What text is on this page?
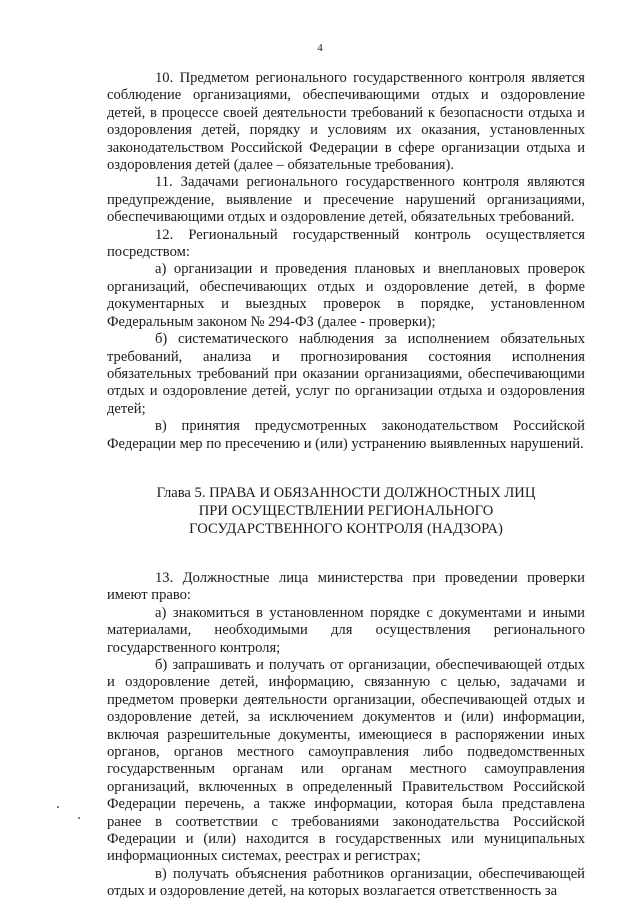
4

10. Предметом регионального государственного контроля является соблюдение организациями, обеспечивающими отдых и оздоровление детей, в процессе своей деятельности требований к безопасности отдыха и оздоровления детей, порядку и условиям их оказания, установленных законодательством Российской Федерации в сфере организации отдыха и оздоровления детей (далее – обязательные требования).

11. Задачами регионального государственного контроля являются предупреждение, выявление и пресечение нарушений организациями, обеспечивающими отдых и оздоровление детей, обязательных требований.

12. Региональный государственный контроль осуществляется посредством:

а) организации и проведения плановых и внеплановых проверок организаций, обеспечивающих отдых и оздоровление детей, в форме документарных и выездных проверок в порядке, установленном Федеральным законом № 294-ФЗ (далее - проверки);

б) систематического наблюдения за исполнением обязательных требований, анализа и прогнозирования состояния исполнения обязательных требований при оказании организациями, обеспечивающими отдых и оздоровление детей, услуг по организации отдыха и оздоровления детей;

в) принятия предусмотренных законодательством Российской Федерации мер по пресечению и (или) устранению выявленных нарушений.

Глава 5. ПРАВА И ОБЯЗАННОСТИ ДОЛЖНОСТНЫХ ЛИЦ
ПРИ ОСУЩЕСТВЛЕНИИ РЕГИОНАЛЬНОГО
ГОСУДАРСТВЕННОГО КОНТРОЛЯ (НАДЗОРА)

13. Должностные лица министерства при проведении проверки имеют право:

а) знакомиться в установленном порядке с документами и иными материалами, необходимыми для осуществления регионального государственного контроля;

б) запрашивать и получать от организации, обеспечивающей отдых и оздоровление детей, информацию, связанную с целью, задачами и предметом проверки деятельности организации, обеспечивающей отдых и оздоровление детей, за исключением документов и (или) информации, включая разрешительные документы, имеющиеся в распоряжении иных органов, органов местного самоуправления либо подведомственных государственным органам или органам местного самоуправления организаций, включенных в определенный Правительством Российской Федерации перечень, а также информации, которая была представлена ранее в соответствии с требованиями законодательства Российской Федерации и (или) находится в государственных или муниципальных информационных системах, реестрах и регистрах;

в) получать объяснения работников организации, обеспечивающей отдых и оздоровление детей, на которых возлагается ответственность за
